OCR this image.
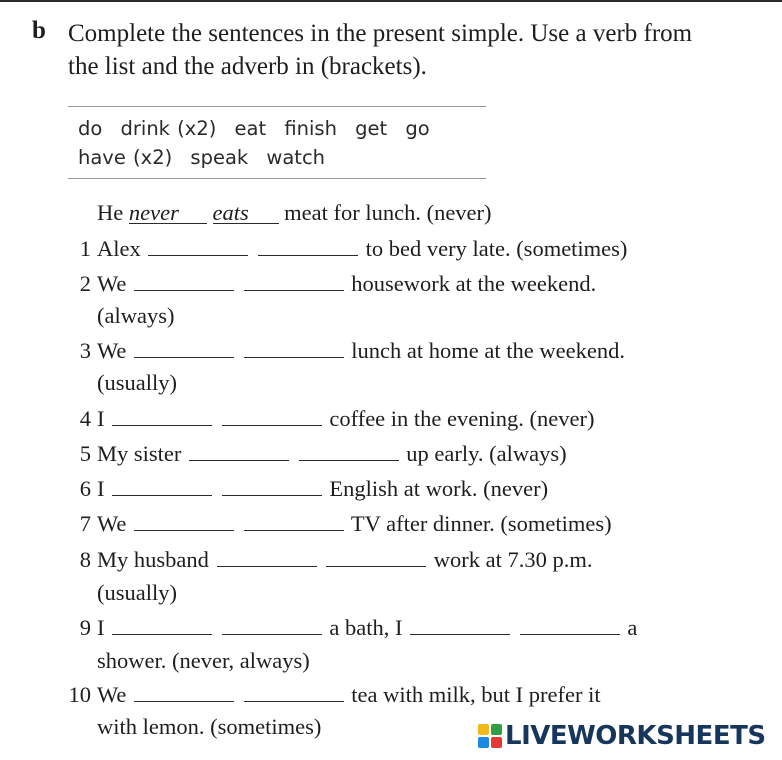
b Complete the sentences in the present simple. Use a verb from the list and the adverb in (brackets).
do drink (x2) eat finish get go
have (x2) speak watch
He never eats meat for lunch. (never)
1 Alex	to bed very late. (sometimes)
2 We	housework at the weekend.
(always)
3 We	lunch at home at the weekend.
(usually)
4 I	coffee in the evening. (never)
5 My sister	up early. (always)
6 I	English at work. (never)
7 We	TV after dinner. (sometimes)
8 My husband	work at 7.30 p.m.
(usually)
9 I	a bath, I	a
shower. (never, always)
10 We	tea with milk, but I prefer it
with lemon. (sometimes)	LIVEWORKSHEETS
